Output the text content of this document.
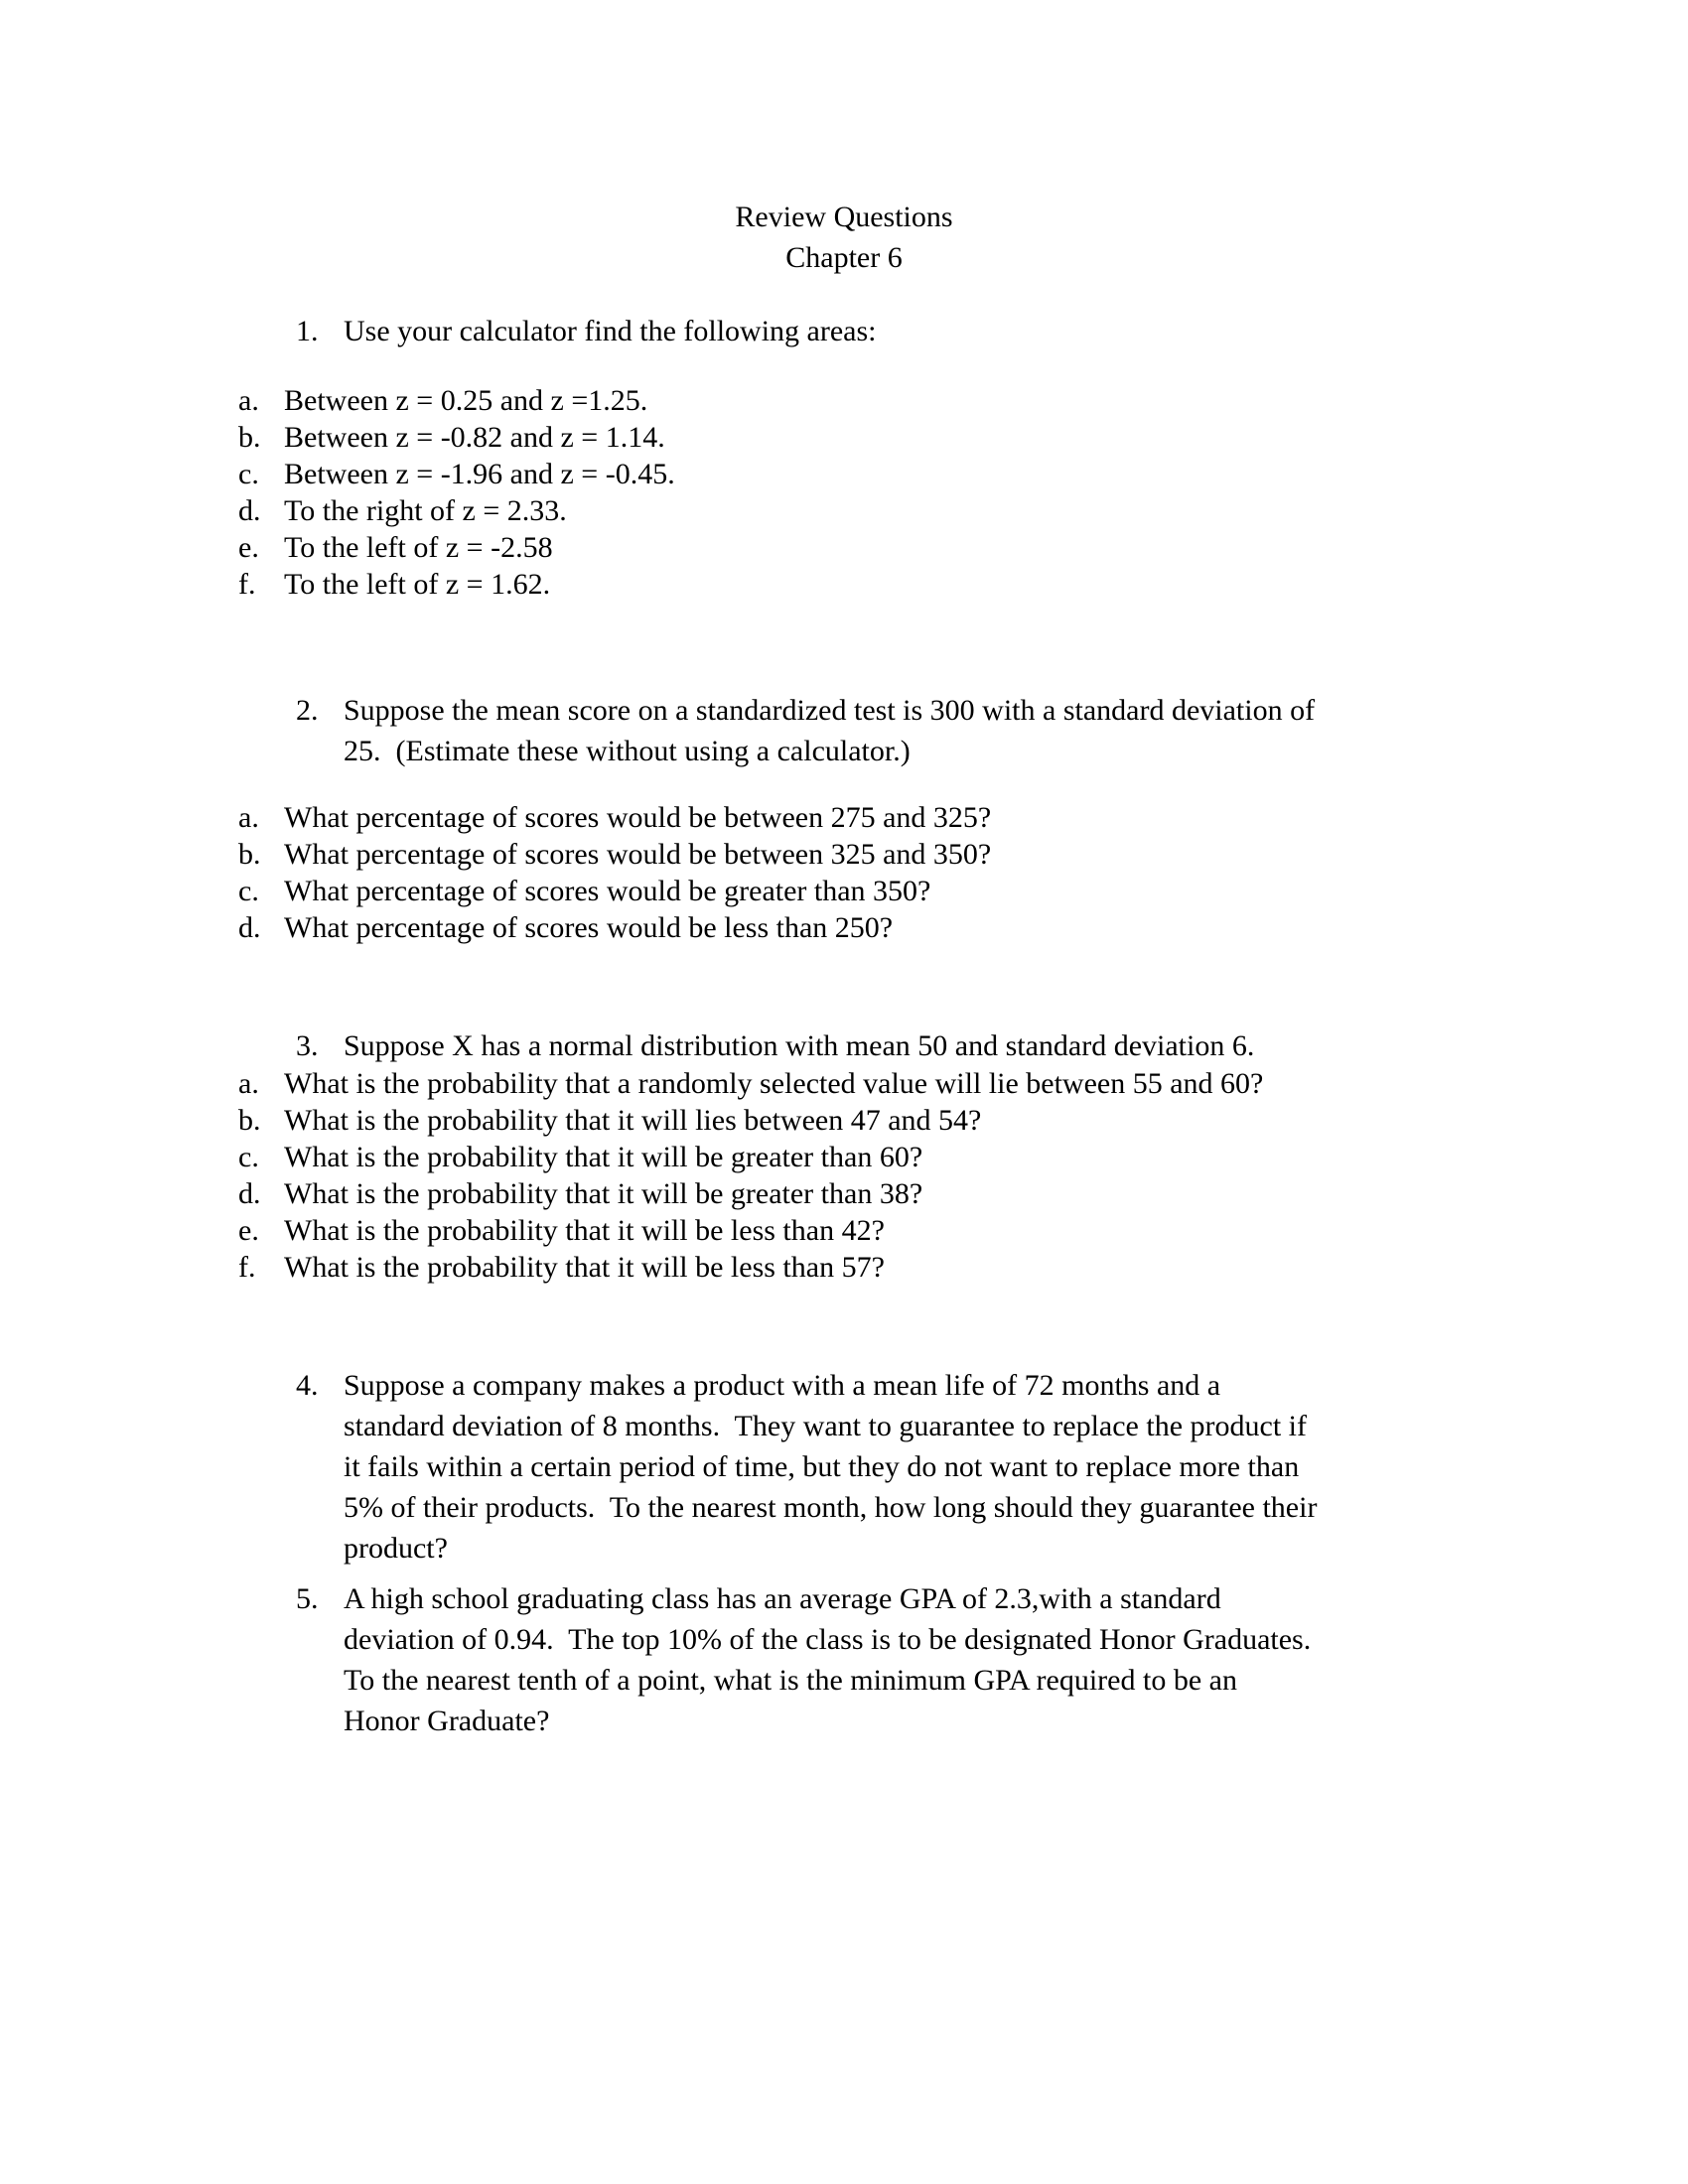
Review Questions
Chapter 6
1. Use your calculator find the following areas:
a. Between z = 0.25 and z =1.25.
b. Between z = -0.82 and z = 1.14.
c. Between z = -1.96 and z = -0.45.
d. To the right of z = 2.33.
e. To the left of z = -2.58
f. To the left of z = 1.62.
2. Suppose the mean score on a standardized test is 300 with a standard deviation of
25.  (Estimate these without using a calculator.)
a. What percentage of scores would be between 275 and 325?
b. What percentage of scores would be between 325 and 350?
c. What percentage of scores would be greater than 350?
d. What percentage of scores would be less than 250?
3. Suppose X has a normal distribution with mean 50 and standard deviation 6.
a. What is the probability that a randomly selected value will lie between 55 and 60?
b. What is the probability that it will lies between 47 and 54?
c. What is the probability that it will be greater than 60?
d. What is the probability that it will be greater than 38?
e. What is the probability that it will be less than 42?
f. What is the probability that it will be less than 57?
4. Suppose a company makes a product with a mean life of 72 months and a
standard deviation of 8 months.  They want to guarantee to replace the product if
it fails within a certain period of time, but they do not want to replace more than
5% of their products.  To the nearest month, how long should they guarantee their
product?
5. A high school graduating class has an average GPA of 2.3,with a standard
deviation of 0.94.  The top 10% of the class is to be designated Honor Graduates.
To the nearest tenth of a point, what is the minimum GPA required to be an
Honor Graduate?
